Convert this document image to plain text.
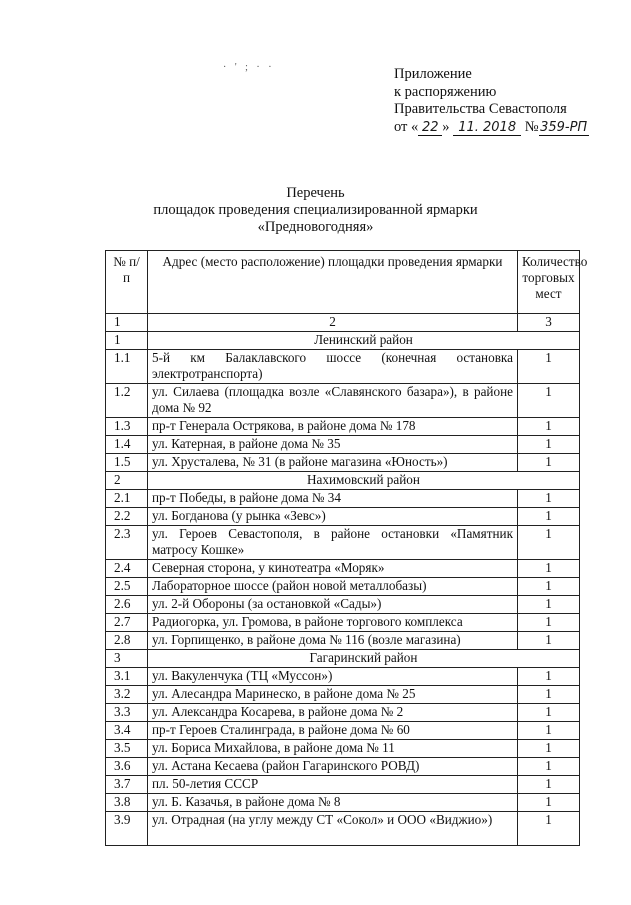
· ' ; · ·	Приложение
к распоряжению
Правительства Севастополя
от « 22 » 11. 2018 №359-РП
Перечень
площадок проведения специализированной ярмарки
«Предновогодняя»
№ п/п	Адрес (место расположение) площадки проведения ярмарки	Количество торговых мест
1	2	3
1	Ленинский район	
1.1	5-й км Балаклавского шоссе (конечная остановка электротранспорта)	1
1.2	ул. Силаева (площадка возле «Славянского базара»), в районе дома № 92	1
1.3	пр-т Генерала Острякова, в районе дома № 178	1
1.4	ул. Катерная, в районе дома № 35	1
1.5	ул. Хрусталева, № 31 (в районе магазина «Юность»)	1
2	Нахимовский район	
2.1	пр-т Победы, в районе дома № 34	1
2.2	ул. Богданова (у рынка «Зевс»)	1
2.3	ул. Героев Севастополя, в районе остановки «Памятник матросу Кошке»	1
2.4	Северная сторона, у кинотеатра «Моряк»	1
2.5	Лабораторное шоссе (район новой металлобазы)	1
2.6	ул. 2-й Обороны (за остановкой «Сады»)	1
2.7	Радиогорка, ул. Громова, в районе торгового комплекса	1
2.8	ул. Горпищенко, в районе дома № 116 (возле магазина)	1
3	Гагаринский район	
3.1	ул. Вакуленчука (ТЦ «Муссон»)	1
3.2	ул. Алесандра Маринеско, в районе дома № 25	1
3.3	ул. Александра Косарева, в районе дома № 2	1
3.4	пр-т Героев Сталинграда, в районе дома № 60	1
3.5	ул. Бориса Михайлова, в районе дома № 11	1
3.6	ул. Астана Кесаева (район Гагаринского РОВД)	1
3.7	пл. 50-летия СССР	1
3.8	ул. Б. Казачья, в районе дома № 8	1
3.9	ул. Отрадная (на углу между СТ «Сокол» и ООО «Виджио»)	1
